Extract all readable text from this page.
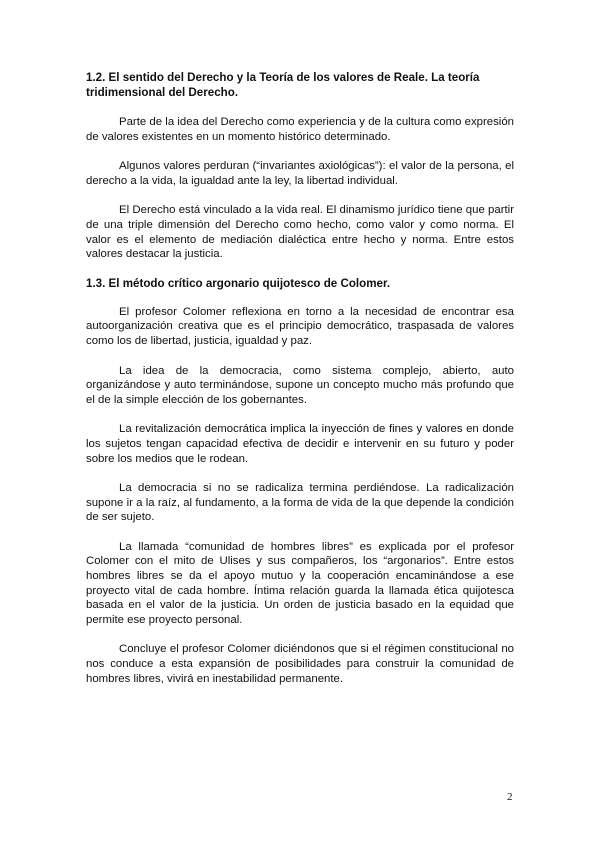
1.2. El sentido del Derecho y la Teoría de los valores de Reale. La teoría tridimensional del Derecho.

Parte de la idea del Derecho como experiencia y de la cultura como expresión de valores existentes en un momento histórico determinado.

Algunos valores perduran (“invariantes axiológicas”): el valor de la persona, el derecho a la vida, la igualdad ante la ley, la libertad individual.

El Derecho está vinculado a la vida real. El dinamismo jurídico tiene que partir de una triple dimensión del Derecho como hecho, como valor y como norma. El valor es el elemento de mediación dialéctica entre hecho y norma. Entre estos valores destacar la justicia.

1.3. El método crítico argonario quijotesco de Colomer.

El profesor Colomer reflexiona en torno a la necesidad de encontrar esa autoorganización creativa que es el principio democrático, traspasada de valores como los de libertad, justicia, igualdad y paz.

La idea de la democracia, como sistema complejo, abierto, auto organizándose y auto terminándose, supone un concepto mucho más profundo que el de la simple elección de los gobernantes.

La revitalización democrática implica la inyección de fines y valores en donde los sujetos tengan capacidad efectiva de decidir e intervenir en su futuro y poder sobre los medios que le rodean.

La democracia si no se radicaliza termina perdiéndose. La radicalización supone ir a la raíz, al fundamento, a la forma de vida de la que depende la condición de ser sujeto.

La llamada “comunidad de hombres libres” es explicada por el profesor Colomer con el mito de Ulises y sus compañeros, los “argonarios”. Entre estos hombres libres se da el apoyo mutuo y la cooperación encaminándose a ese proyecto vital de cada hombre. Íntima relación guarda la llamada ética quijotesca basada en el valor de la justicia. Un orden de justicia basado en la equidad que permite ese proyecto personal.

Concluye el profesor Colomer diciéndonos que si el régimen constitucional no nos conduce a esta expansión de posibilidades para construir la comunidad de hombres libres, vivirá en inestabilidad permanente.

2
